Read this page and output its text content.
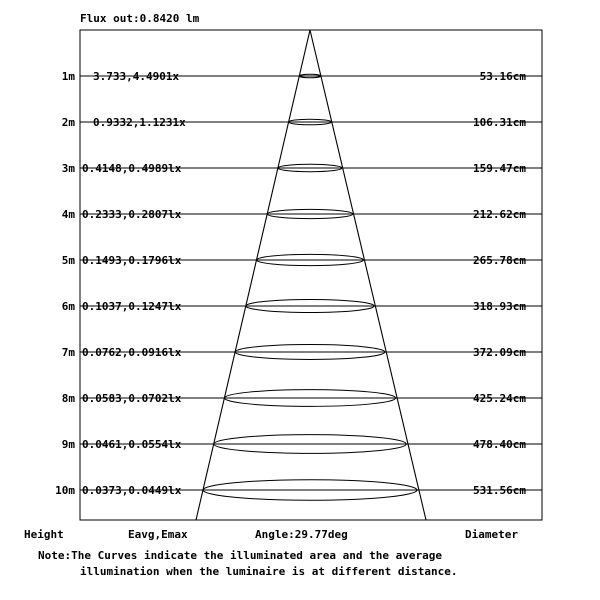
Flux out:0.8420 lm
1m 3.733,4.4901x	53.16cm
2m 0.9332,1.1231x	106.31cm
3m 0.4148,0.4989lx	159.47cm
4m 0.2333,0.2807lx	212.62cm
5m 0.1493,0.1796lx	265.78cm
6m 0.1037,0.1247lx	318.93cm
7m 0.0762,0.0916lx	372.09cm
8m 0.0583,0.0702lx	425.24cm
9m 0.0461,0.0554lx	478.40cm
10m 0.0373,0.0449lx	531.56cm
Height	Eavg,Emax	Angle:29.77deg	Diameter
Note:The Curves indicate the illuminated area and the average
illumination when the luminaire is at different distance.
